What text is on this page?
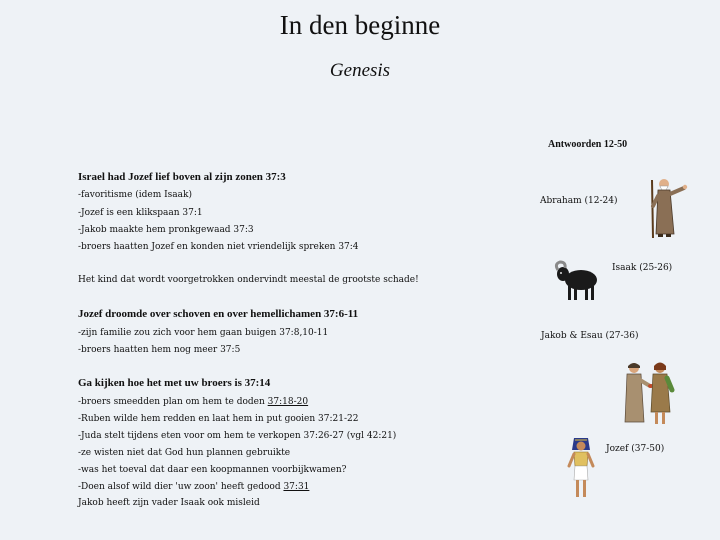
In den beginne
Genesis
Antwoorden 12-50
Israel had Jozef lief boven al zijn zonen 37:3
-favoritisme (idem Isaak)
-Jozef is een klikspaan 37:1
-Jakob maakte hem pronkgewaad 37:3
-broers haatten Jozef en konden niet vriendelijk spreken 37:4
Het kind dat wordt voorgetrokken ondervindt meestal de grootste schade!
Jozef droomde over schoven en over hemellichamen 37:6-11
-zijn familie zou zich voor hem gaan buigen 37:8,10-11
-broers haatten hem nog meer 37:5
Ga kijken hoe het met uw broers is 37:14
-broers smeedden plan om hem te doden 37:18-20
-Ruben wilde hem redden en laat hem in put gooien 37:21-22
-Juda stelt tijdens eten voor om hem te verkopen 37:26-27 (vgl 42:21)
-ze wisten niet dat God hun plannen gebruikte
-was het toeval dat daar een koopmannen voorbijkwamen?
-Doen alsof wild dier 'uw zoon' heeft gedood 37:31
Jakob heeft zijn vader Isaak ook misleid
Abraham (12-24)
Isaak (25-26)
Jakob & Esau (27-36)
Jozef (37-50)
